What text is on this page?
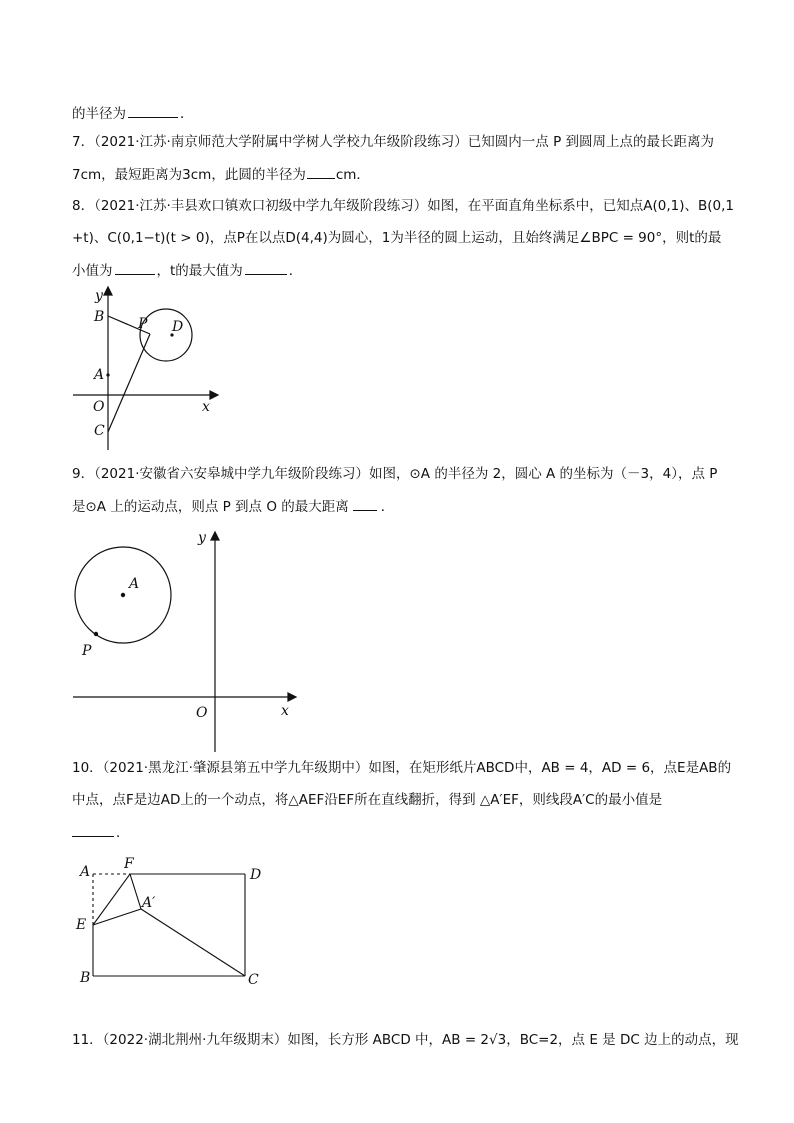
的半径为	．
7．（2021·江苏·南京师范大学附属中学树人学校九年级阶段练习）已知圆内一点 P 到圆周上点的最长距离为
7cm，最短距离为3cm，此圆的半径为 cm．
8．（2021·江苏·丰县欢口镇欢口初级中学九年级阶段练习）如图，在平面直角坐标系中，已知点A(0,1)、B(0,1
+t)、C(0,1−t)(t > 0)，点P在以点D(4,4)为圆心，1为半径的圆上运动，且始终满足∠BPC = 90°，则t的最
小值为	，t的最大值为	．
y
B P D
A
O	x
C
9．（2021·安徽省六安皋城中学九年级阶段练习）如图，⊙A 的半径为 2，圆心 A 的坐标为（－3，4），点 P
是⊙A 上的运动点，则点 P 到点 O 的最大距离 ．
y
A
P
O	x
10．（2021·黑龙江·肇源县第五中学九年级期中）如图，在矩形纸片ABCD中，AB = 4，AD = 6，点E是AB的
中点，点F是边AD上的一个动点，将△AEF沿EF所在直线翻折，得到 △A′EF，则线段A′C的最小值是
．
A F
D
A′
E
B	C
11．（2022·湖北荆州·九年级期末）如图，长方形 ABCD 中，AB = 2√3，BC=2，点 E 是 DC 边上的动点，现
